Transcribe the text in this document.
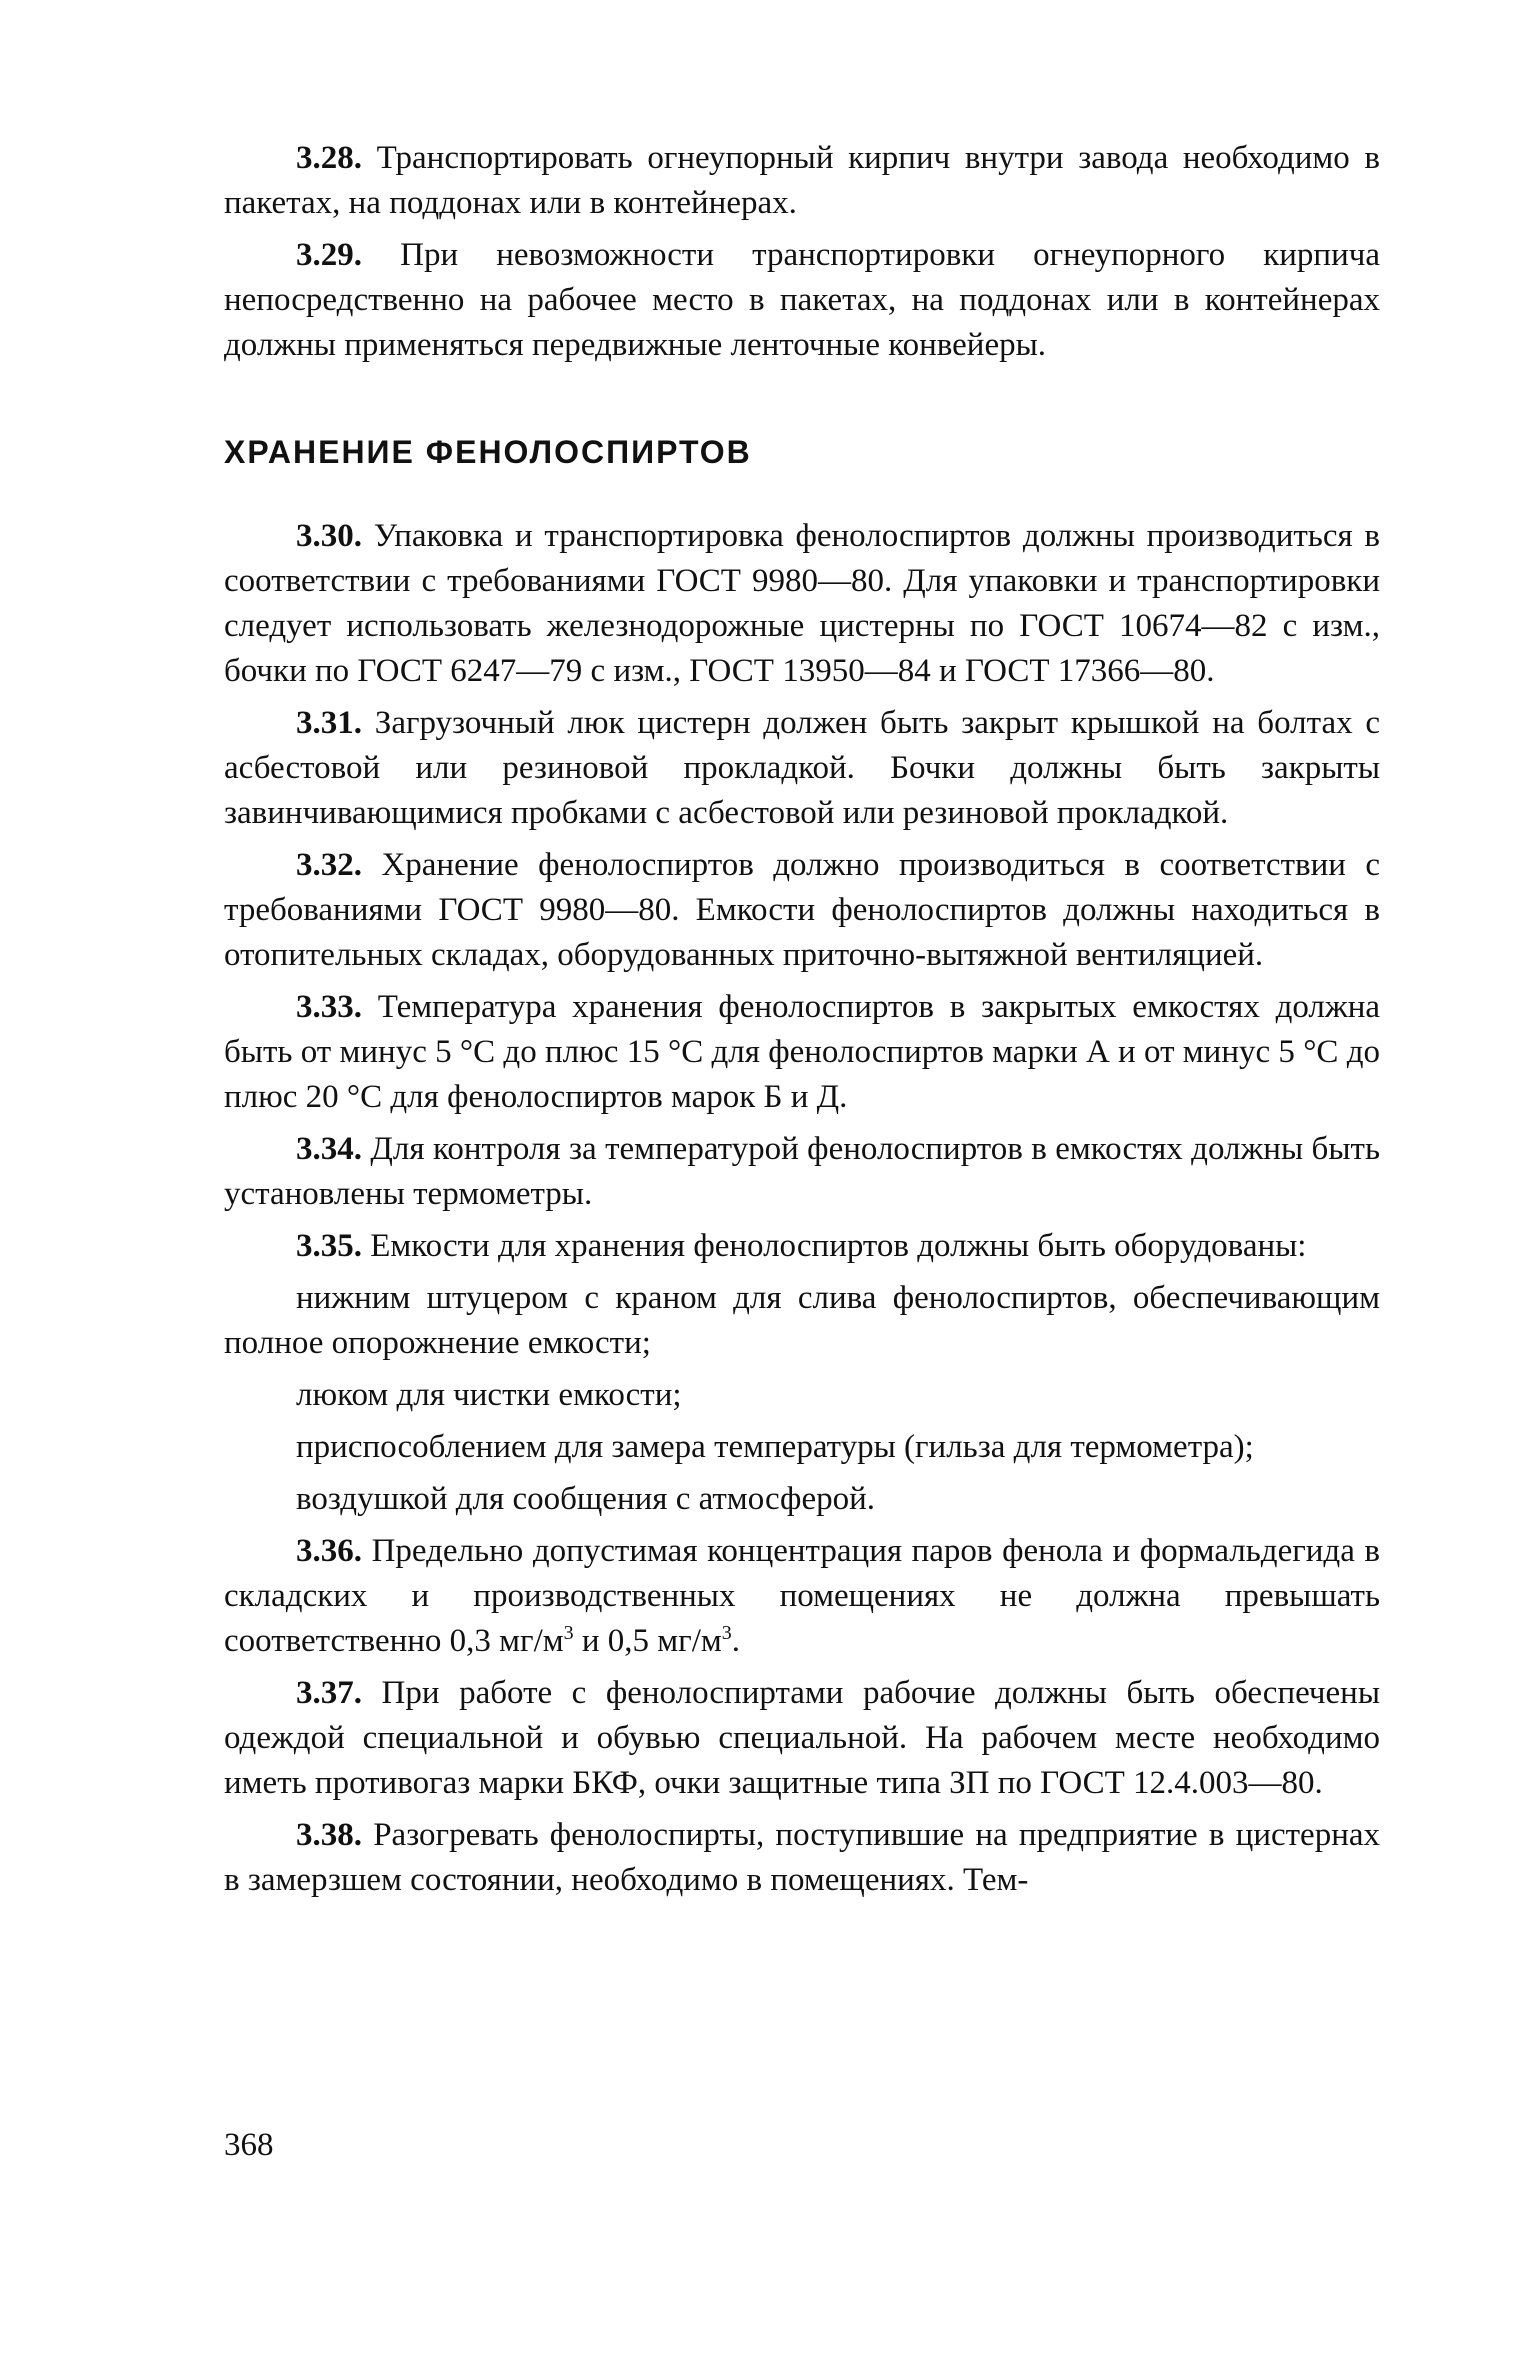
3.28. Транспортировать огнеупорный кирпич внутри завода необходимо в пакетах, на поддонах или в контейнерах.

3.29. При невозможности транспортировки огнеупорного кирпича непосредственно на рабочее место в пакетах, на поддонах или в контейнерах должны применяться передвижные ленточные конвейеры.

ХРАНЕНИЕ ФЕНОЛОСПИРТОВ

3.30. Упаковка и транспортировка фенолоспиртов должны производиться в соответствии с требованиями ГОСТ 9980—80. Для упаковки и транспортировки следует использовать железнодорожные цистерны по ГОСТ 10674—82 с изм., бочки по ГОСТ 6247—79 с изм., ГОСТ 13950—84 и ГОСТ 17366—80.

3.31. Загрузочный люк цистерн должен быть закрыт крышкой на болтах с асбестовой или резиновой прокладкой. Бочки должны быть закрыты завинчивающимися пробками с асбестовой или резиновой прокладкой.

3.32. Хранение фенолоспиртов должно производиться в соответствии с требованиями ГОСТ 9980—80. Емкости фенолоспиртов должны находиться в отопительных складах, оборудованных приточно-вытяжной вентиляцией.

3.33. Температура хранения фенолоспиртов в закрытых емкостях должна быть от минус 5 °С до плюс 15 °С для фенолоспиртов марки А и от минус 5 °С до плюс 20 °С для фенолоспиртов марок Б и Д.

3.34. Для контроля за температурой фенолоспиртов в емкостях должны быть установлены термометры.

3.35. Емкости для хранения фенолоспиртов должны быть оборудованы:

нижним штуцером с краном для слива фенолоспиртов, обеспечивающим полное опорожнение емкости;

люком для чистки емкости;

приспособлением для замера температуры (гильза для термометра);

воздушкой для сообщения с атмосферой.

3.36. Предельно допустимая концентрация паров фенола и формальдегида в складских и производственных помещениях не должна превышать соответственно 0,3 $мг/м^3$ и 0,5 $мг/м^3$.

3.37. При работе с фенолоспиртами рабочие должны быть обеспечены одеждой специальной и обувью специальной. На рабочем месте необходимо иметь противогаз марки БКФ, очки защитные типа ЗП по ГОСТ 12.4.003—80.

3.38. Разогревать фенолоспирты, поступившие на предприятие в цистернах в замерзшем состоянии, необходимо в помещениях. Тем-

368
